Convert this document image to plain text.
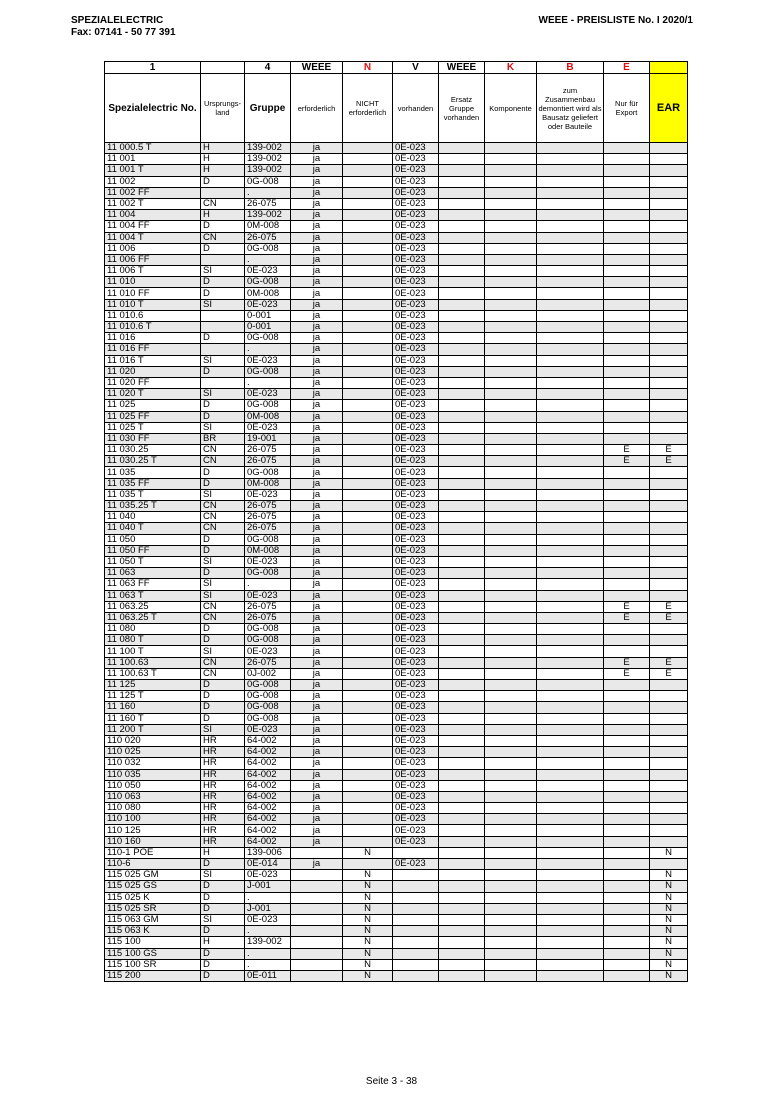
SPEZIALELECTRIC
Fax: 07141 - 50 77 391
WEEE - PREISLISTE No. I 2020/1
1		4	WEEE	N	V	WEEE	K	B	E	
Spezialelectric No.	Ursprungs-land	Gruppe	erforderlich	NICHT erforderlich	vorhanden	Ersatz Gruppe vorhanden	Komponente	zum Zusammenbau demontiert wird als Bausatz geliefert oder Bauteile	Nur für Export	EAR
11 000.5 T	H	139-002	ja		0E-023					
11 001	H	139-002	ja		0E-023					
11 001 T	H	139-002	ja		0E-023					
11 002	D	0G-008	ja		0E-023					
11 002 FF		.	ja		0E-023					
11 002 T	CN	26-075	ja		0E-023					
11 004	H	139-002	ja		0E-023					
11 004 FF	D	0M-008	ja		0E-023					
11 004 T	CN	26-075	ja		0E-023					
11 006	D	0G-008	ja		0E-023					
11 006 FF		.	ja		0E-023					
11 006 T	SI	0E-023	ja		0E-023					
11 010	D	0G-008	ja		0E-023					
11 010 FF	D	0M-008	ja		0E-023					
11 010 T	SI	0E-023	ja		0E-023					
11 010.6		0-001	ja		0E-023					
11 010.6 T		0-001	ja		0E-023					
11 016	D	0G-008	ja		0E-023					
11 016 FF		.	ja		0E-023					
11 016 T	SI	0E-023	ja		0E-023					
11 020	D	0G-008	ja		0E-023					
11 020 FF		.	ja		0E-023					
11 020 T	SI	0E-023	ja		0E-023					
11 025	D	0G-008	ja		0E-023					
11 025 FF	D	0M-008	ja		0E-023					
11 025 T	SI	0E-023	ja		0E-023					
11 030 FF	BR	19-001	ja		0E-023					
11 030.25	CN	26-075	ja		0E-023				E	E
11 030.25 T	CN	26-075	ja		0E-023				E	E
11 035	D	0G-008	ja		0E-023					
11 035 FF	D	0M-008	ja		0E-023					
11 035 T	SI	0E-023	ja		0E-023					
11 035.25 T	CN	26-075	ja		0E-023					
11 040	CN	26-075	ja		0E-023					
11 040 T	CN	26-075	ja		0E-023					
11 050	D	0G-008	ja		0E-023					
11 050 FF	D	0M-008	ja		0E-023					
11 050 T	SI	0E-023	ja		0E-023					
11 063	D	0G-008	ja		0E-023					
11 063 FF	SI	.	ja		0E-023					
11 063 T	SI	0E-023	ja		0E-023					
11 063.25	CN	26-075	ja		0E-023				E	E
11 063.25 T	CN	26-075	ja		0E-023				E	E
11 080	D	0G-008	ja		0E-023					
11 080 T	D	0G-008	ja		0E-023					
11 100 T	SI	0E-023	ja		0E-023					
11 100.63	CN	26-075	ja		0E-023				E	E
11 100.63 T	CN	0J-002	ja		0E-023				E	E
11 125	D	0G-008	ja		0E-023					
11 125 T	D	0G-008	ja		0E-023					
11 160	D	0G-008	ja		0E-023					
11 160 T	D	0G-008	ja		0E-023					
11 200 T	SI	0E-023	ja		0E-023					
110 020	HR	64-002	ja		0E-023					
110 025	HR	64-002	ja		0E-023					
110 032	HR	64-002	ja		0E-023					
110 035	HR	64-002	ja		0E-023					
110 050	HR	64-002	ja		0E-023					
110 063	HR	64-002	ja		0E-023					
110 080	HR	64-002	ja		0E-023					
110 100	HR	64-002	ja		0E-023					
110 125	HR	64-002	ja		0E-023					
110 160	HR	64-002	ja		0E-023					
110-1 POE	H	139-006		N						N
110-6	D	0E-014	ja		0E-023					
115 025 GM	SI	0E-023		N						N
115 025 GS	D	J-001		N						N
115 025 K	D	.		N						N
115 025 SR	D	J-001		N						N
115 063 GM	SI	0E-023		N						N
115 063 K	D	.		N						N
115 100	H	139-002		N						N
115 100 GS	D	.		N						N
115 100 SR	D	.		N						N
115 200	D	0E-011		N						N
Seite 3 - 38
